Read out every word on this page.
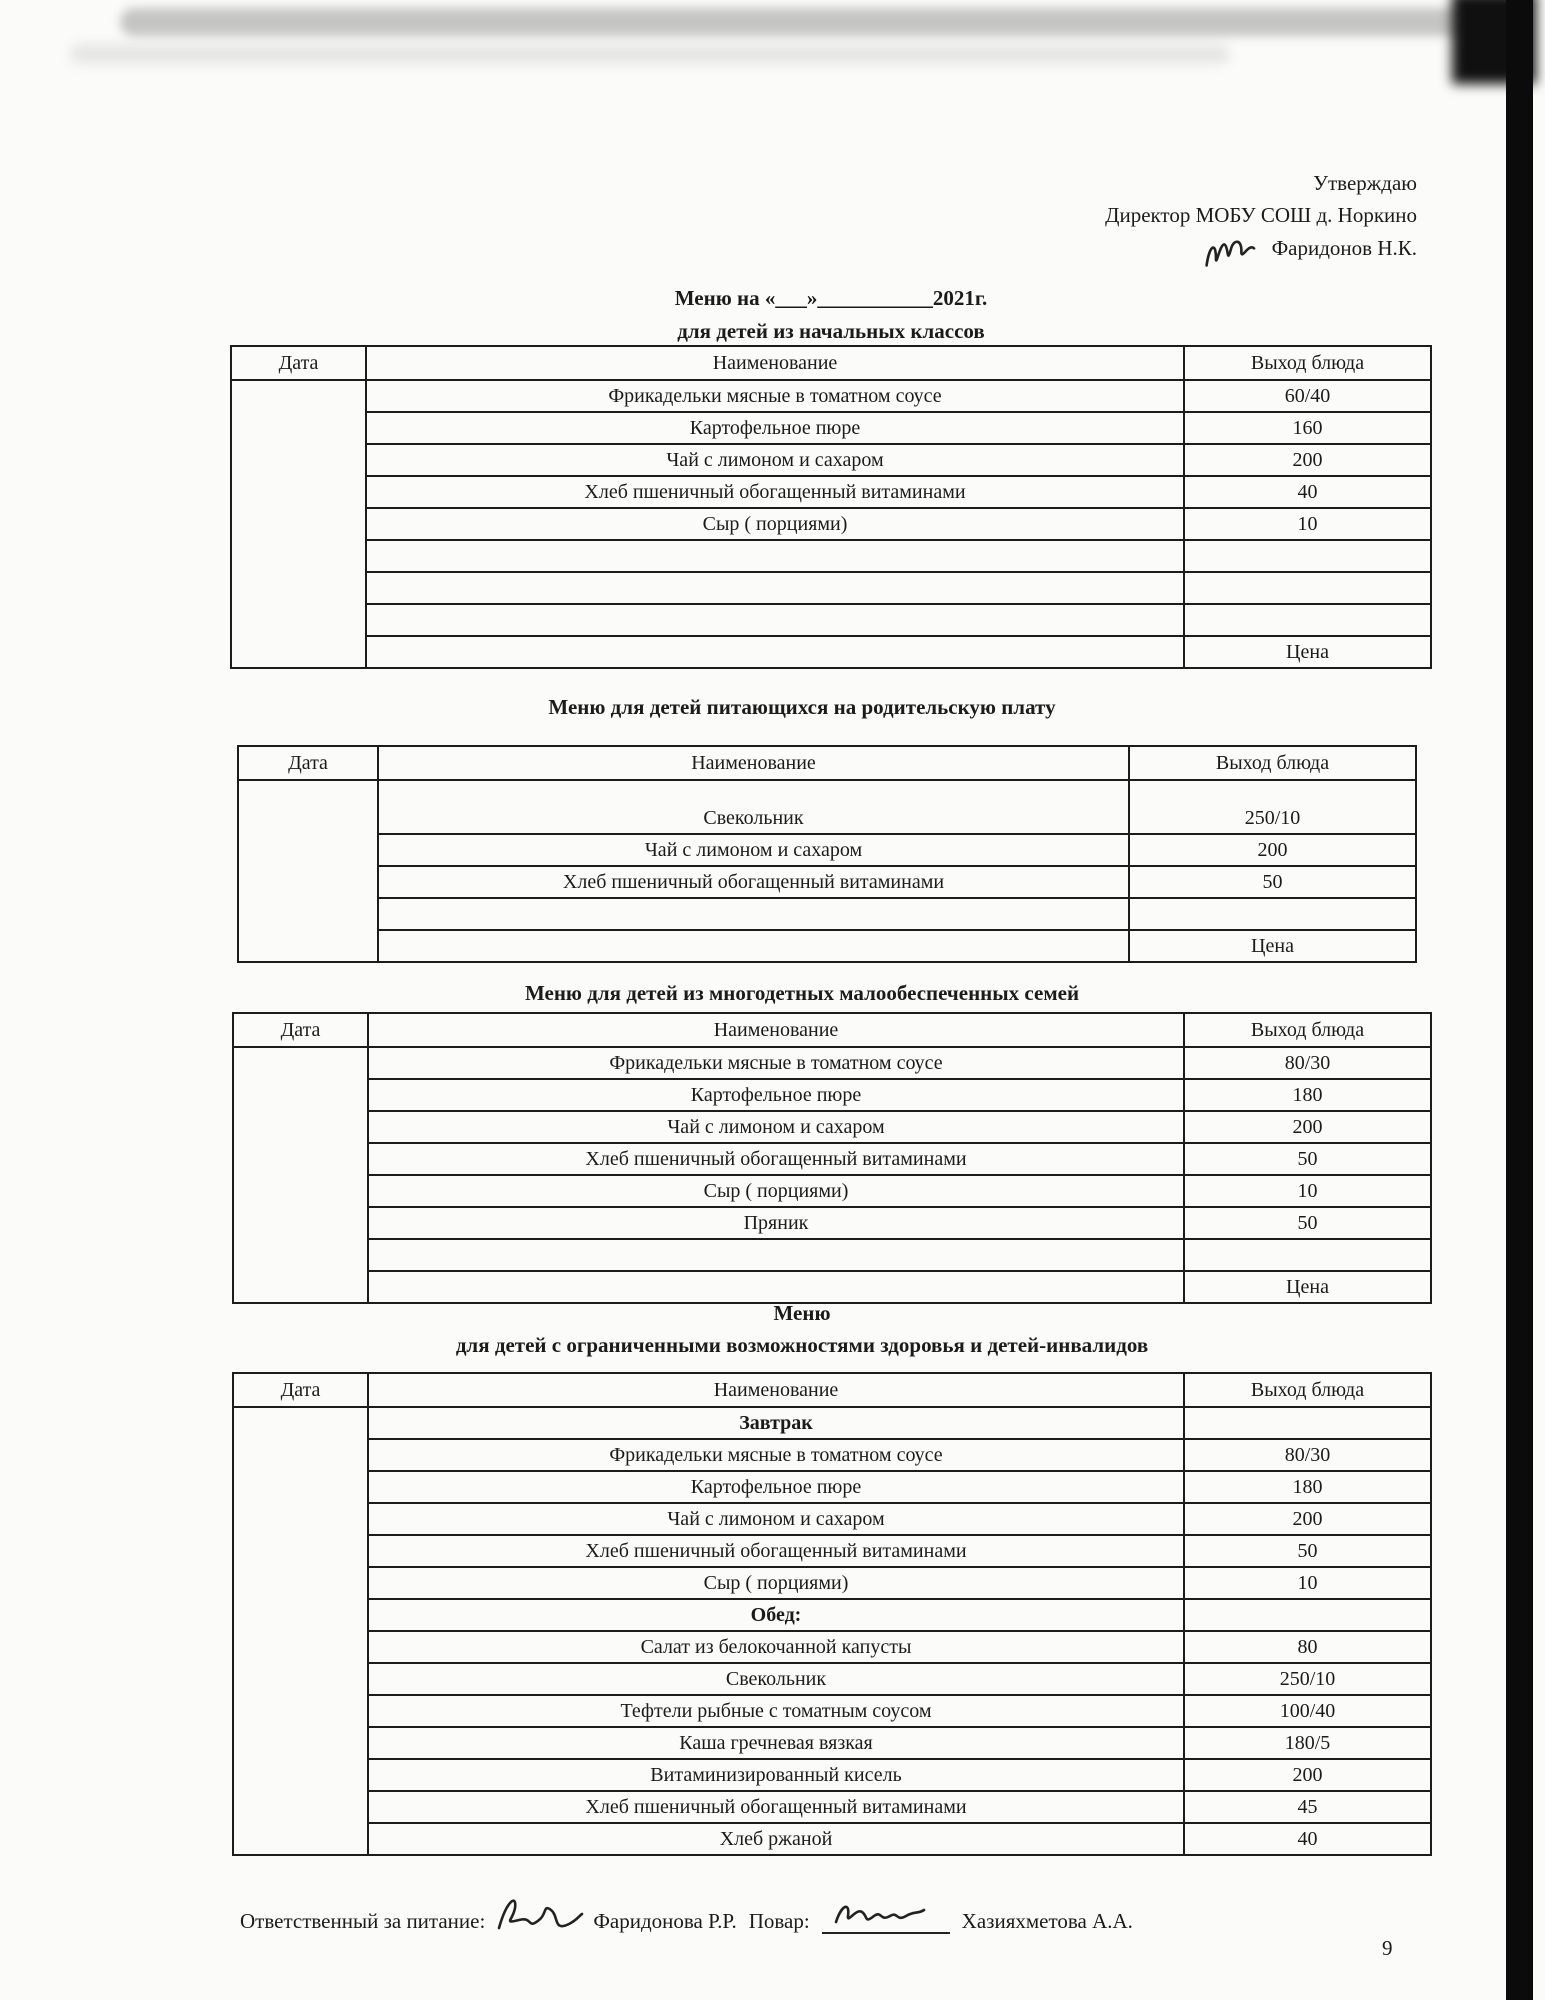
Утверждаю
Директор МОБУ СОШ д. Норкино
Фаридонов Н.К.
Меню на «___»___________2021г.
для детей из начальных классов
Дата	Наименование	Выход блюда
	Фрикадельки мясные в томатном соусе	60/40
	Картофельное пюре	160
	Чай с лимоном и сахаром	200
	Хлеб пшеничный обогащенный витаминами	40
	Сыр ( порциями)	10

		Цена
Меню для детей питающихся на родительскую плату
Дата	Наименование	Выход блюда
	Свекольник	250/10
	Чай с лимоном и сахаром	200
	Хлеб пшеничный обогащенный витаминами	50

		Цена
Меню для детей из многодетных малообеспеченных семей
Дата	Наименование	Выход блюда
	Фрикадельки мясные в томатном соусе	80/30
	Картофельное пюре	180
	Чай с лимоном и сахаром	200
	Хлеб пшеничный обогащенный витаминами	50
	Сыр ( порциями)	10
	Пряник	50

		Цена
Меню
для детей с ограниченными возможностями здоровья и детей-инвалидов
Дата	Наименование	Выход блюда
	Завтрак	
	Фрикадельки мясные в томатном соусе	80/30
	Картофельное пюре	180
	Чай с лимоном и сахаром	200
	Хлеб пшеничный обогащенный витаминами	50
	Сыр ( порциями)	10
	Обед:	
	Салат из белокочанной капусты	80
	Свекольник	250/10
	Тефтели рыбные с томатным соусом	100/40
	Каша гречневая вязкая	180/5
	Витаминизированный кисель	200
	Хлеб пшеничный обогащенный витаминами	45
	Хлеб ржаной	40
Ответственный за питание:	Фаридонова Р.Р. Повар:	Хазияхметова А.А.
9
